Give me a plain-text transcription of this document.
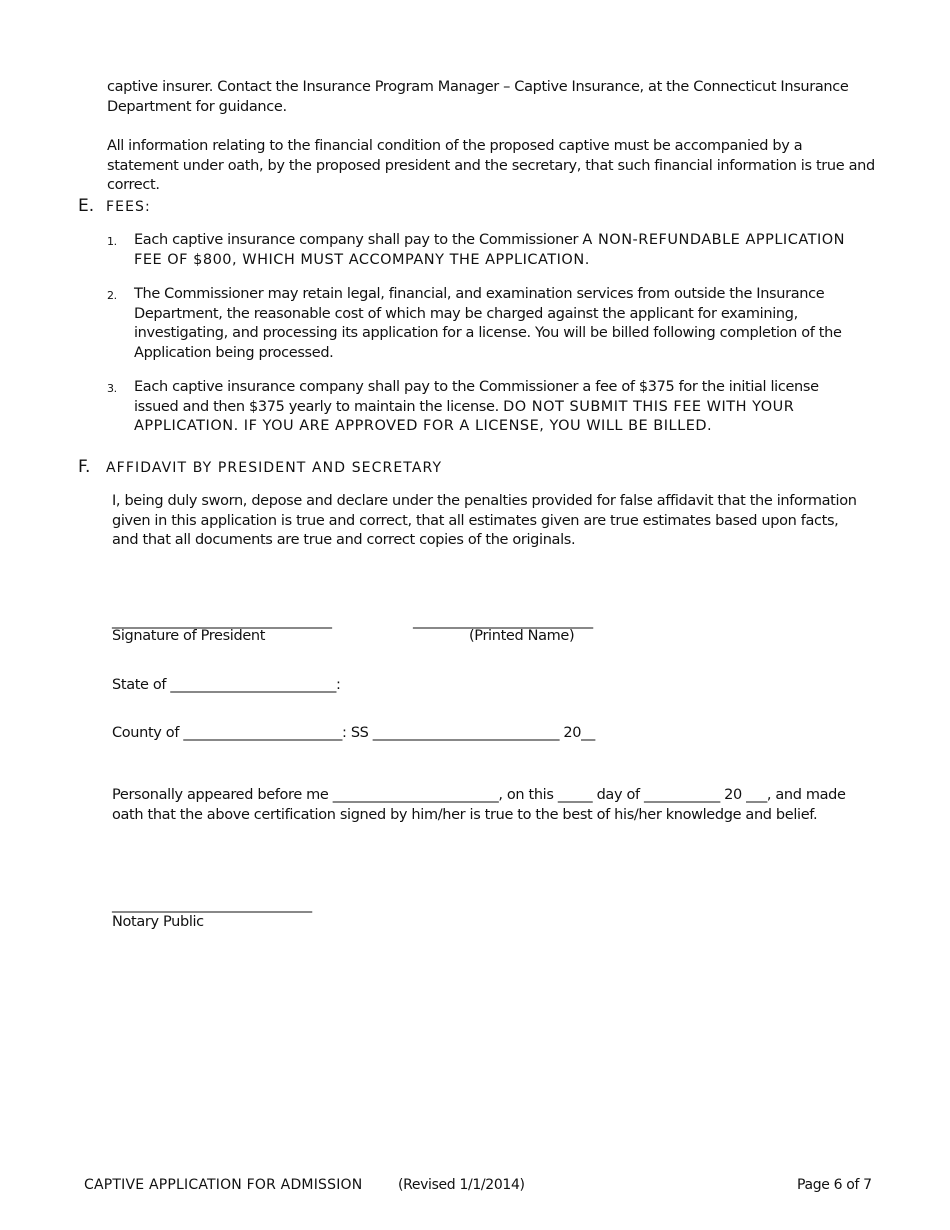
captive insurer. Contact the Insurance Program Manager – Captive Insurance, at the Connecticut Insurance Department for guidance.

All information relating to the financial condition of the proposed captive must be accompanied by a statement under oath, by the proposed president and the secretary, that such financial information is true and correct.

E. FEES:
1. Each captive insurance company shall pay to the Commissioner A NON-REFUNDABLE APPLICATION FEE OF $800, WHICH MUST ACCOMPANY THE APPLICATION.

2. The Commissioner may retain legal, financial, and examination services from outside the Insurance Department, the reasonable cost of which may be charged against the applicant for examining, investigating, and processing its application for a license. You will be billed following completion of the Application being processed.

3. Each captive insurance company shall pay to the Commissioner a fee of $375 for the initial license issued and then $375 yearly to maintain the license. DO NOT SUBMIT THIS FEE WITH YOUR APPLICATION. IF YOU ARE APPROVED FOR A LICENSE, YOU WILL BE BILLED.

F. AFFIDAVIT BY PRESIDENT AND SECRETARY

I, being duly sworn, depose and declare under the penalties provided for false affidavit that the information given in this application is true and correct, that all estimates given are true estimates based upon facts, and that all documents are true and correct copies of the originals.

_________________________________	___________________________
Signature of President	(Printed Name)

State of ________________________:

County of _______________________: SS ___________________________ 20__

Personally appeared before me ________________________, on this _____ day of ___________ 20 ___, and made oath that the above certification signed by him/her is true to the best of his/her knowledge and belief.

______________________________
Notary Public
CAPTIVE APPLICATION FOR ADMISSION	(Revised 1/1/2014)	Page 6 of 7
